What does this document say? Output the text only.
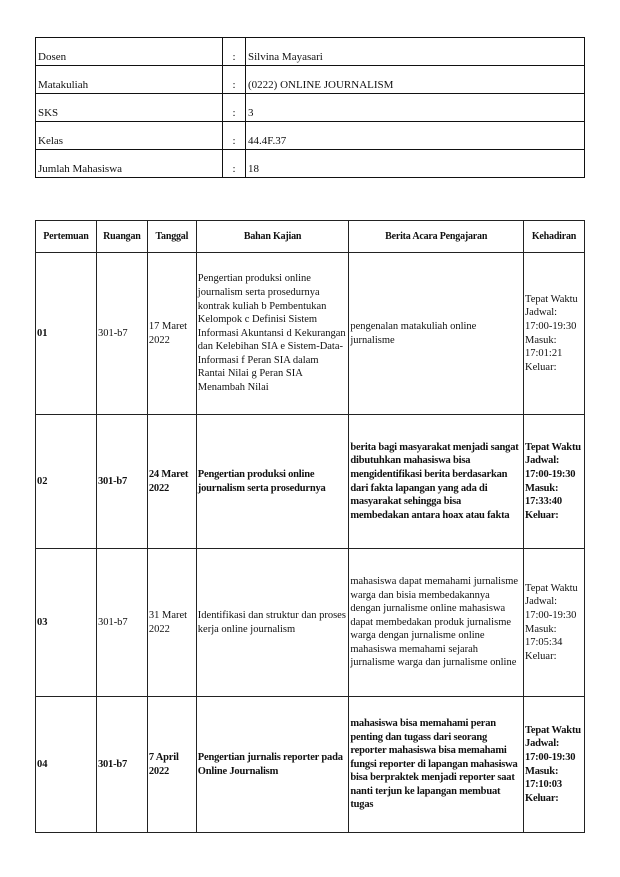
Dosen	:	Silvina Mayasari
Matakuliah	:	(0222) ONLINE JOURNALISM
SKS	:	3
Kelas	:	44.4F.37
Jumlah Mahasiswa	:	18
Pertemuan	Ruangan	Tanggal	Bahan Kajian	Berita Acara Pengajaran	Kehadiran
01	301-b7	17 Maret 2022	Pengertian produksi online journalism serta prosedurnya kontrak kuliah b Pembentukan Kelompok c Definisi Sistem Informasi Akuntansi d Kekurangan dan Kelebihan SIA e Sistem-Data-Informasi f Peran SIA dalam Rantai Nilai g Peran SIA Menambah Nilai	pengenalan matakuliah online jurnalisme	Tepat Waktu Jadwal: 17:00-19:30 Masuk: 17:01:21 Keluar:
02	301-b7	24 Maret 2022	Pengertian produksi online journalism serta prosedurnya	berita bagi masyarakat menjadi sangat dibutuhkan mahasiswa bisa mengidentifikasi berita berdasarkan dari fakta lapangan yang ada di masyarakat sehingga bisa membedakan antara hoax atau fakta	Tepat Waktu Jadwal: 17:00-19:30 Masuk: 17:33:40 Keluar:
03	301-b7	31 Maret 2022	Identifikasi dan struktur dan proses kerja online journalism	mahasiswa dapat memahami jurnalisme warga dan bisia membedakannya dengan jurnalisme online mahasiswa dapat membedakan produk jurnalisme warga dengan jurnalisme online mahasiswa memahami sejarah jurnalisme warga dan jurnalisme online	Tepat Waktu Jadwal: 17:00-19:30 Masuk: 17:05:34 Keluar:
04	301-b7	7 April 2022	Pengertian jurnalis reporter pada Online Journalism	mahasiswa bisa memahami peran penting dan tugass dari seorang reporter mahasiswa bisa memahami fungsi reporter di lapangan mahasiswa bisa berpraktek menjadi reporter saat nanti terjun ke lapangan membuat tugas	Tepat Waktu Jadwal: 17:00-19:30 Masuk: 17:10:03 Keluar:
